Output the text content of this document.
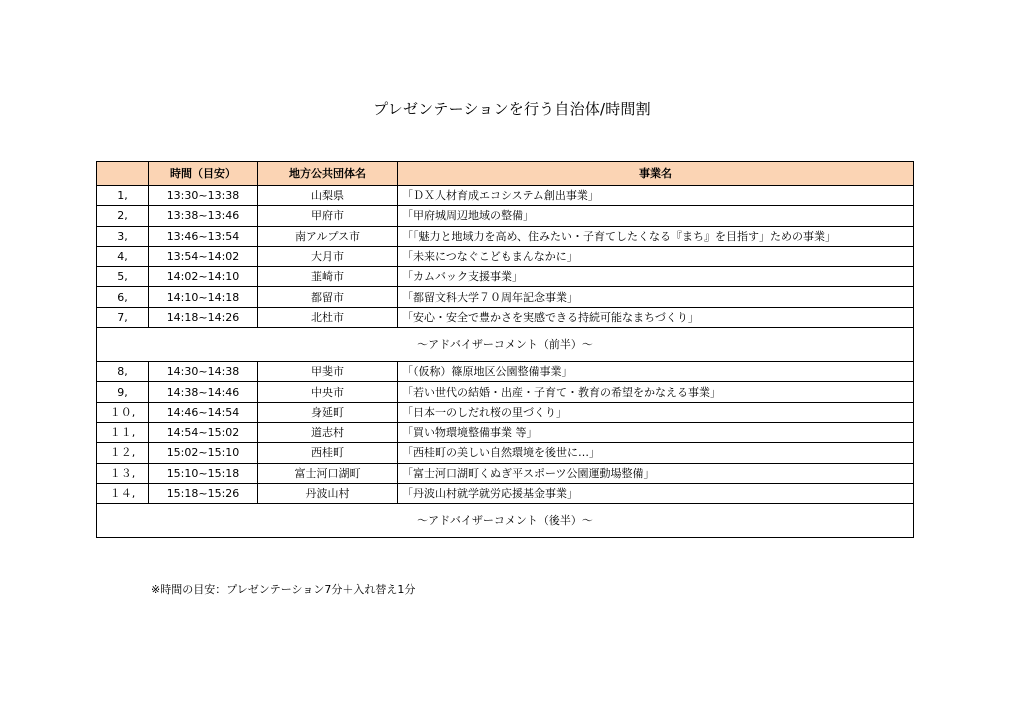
プレゼンテーションを行う自治体/時間割
	時間（目安）	地方公共団体名	事業名
1,	13:30~13:38	山梨県	「ＤＸ人材育成エコシステム創出事業」
2,	13:38~13:46	甲府市	「甲府城周辺地域の整備」
3,	13:46~13:54	南アルプス市	「「魅力と地域力を高め、住みたい・子育てしたくなる『まち』を目指す」ための事業」
4,	13:54~14:02	大月市	「未来につなぐこどもまんなかに」
5,	14:02~14:10	韮崎市	「カムバック支援事業」
6,	14:10~14:18	都留市	「都留文科大学７０周年記念事業」
7,	14:18~14:26	北杜市	「安心・安全で豊かさを実感できる持続可能なまちづくり」
～アドバイザーコメント（前半）～			
8,	14:30~14:38	甲斐市	「（仮称）篠原地区公園整備事業」
9,	14:38~14:46	中央市	「若い世代の結婚・出産・子育て・教育の希望をかなえる事業」
１０,	14:46~14:54	身延町	「日本一のしだれ桜の里づくり」
１１,	14:54~15:02	道志村	「買い物環境整備事業 等」
１２,	15:02~15:10	西桂町	「西桂町の美しい自然環境を後世に…」
１３,	15:10~15:18	富士河口湖町	「富士河口湖町くぬぎ平スポーツ公園運動場整備」
１４,	15:18~15:26	丹波山村	「丹波山村就学就労応援基金事業」
～アドバイザーコメント（後半）～			
※時間の目安：プレゼンテーション7分＋入れ替え1分
